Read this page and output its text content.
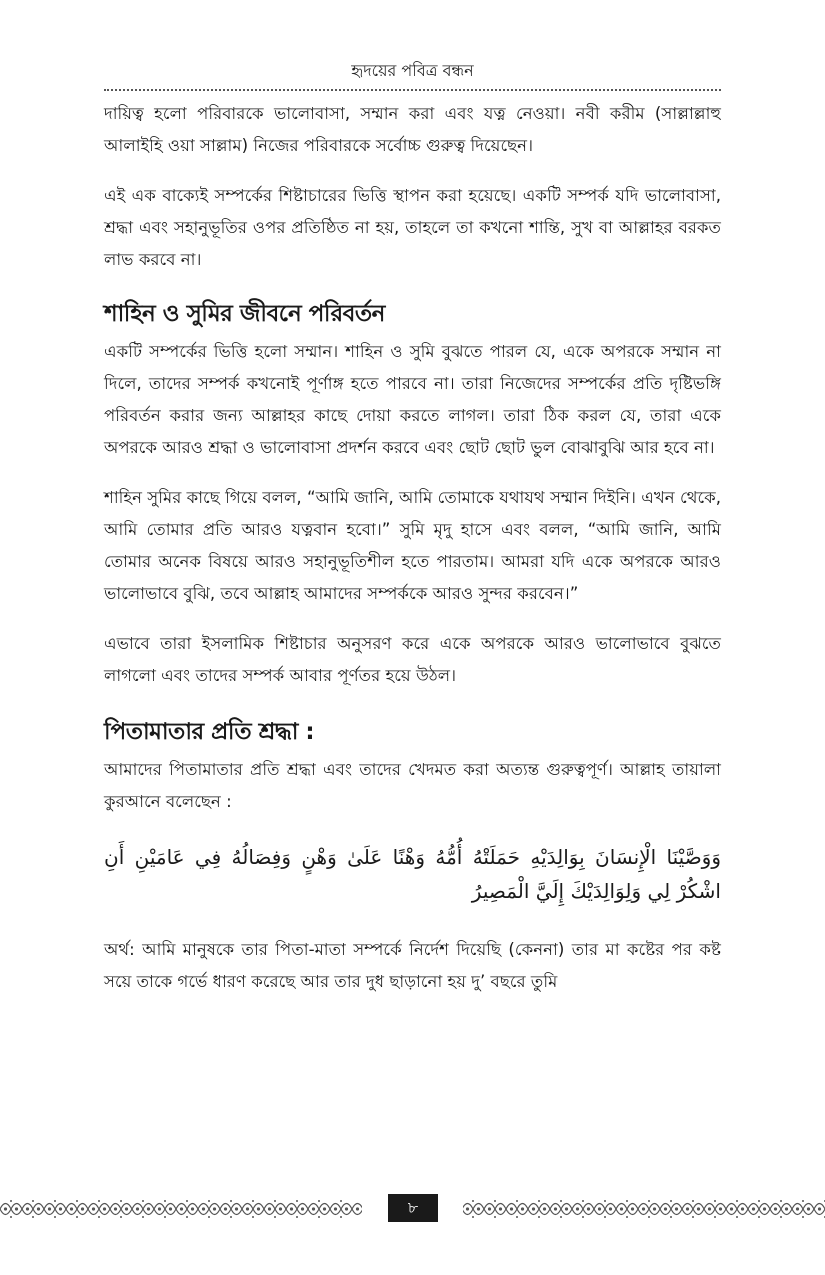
হৃদয়ের পবিত্র বন্ধন

দায়িত্ব হলো পরিবারকে ভালোবাসা, সম্মান করা এবং যত্ন নেওয়া। নবী করীম (সাল্লাল্লাহু আলাইহি ওয়া সাল্লাম) নিজের পরিবারকে সর্বোচ্চ গুরুত্ব দিয়েছেন।

এই এক বাক্যেই সম্পর্কের শিষ্টাচারের ভিত্তি স্থাপন করা হয়েছে। একটি সম্পর্ক যদি ভালোবাসা, শ্রদ্ধা এবং সহানুভূতির ওপর প্রতিষ্ঠিত না হয়, তাহলে তা কখনো শান্তি, সুখ বা আল্লাহর বরকত লাভ করবে না।

শাহিন ও সুমির জীবনে পরিবর্তন

একটি সম্পর্কের ভিত্তি হলো সম্মান। শাহিন ও সুমি বুঝতে পারল যে, একে অপরকে সম্মান না দিলে, তাদের সম্পর্ক কখনোই পূর্ণাঙ্গ হতে পারবে না। তারা নিজেদের সম্পর্কের প্রতি দৃষ্টিভঙ্গি পরিবর্তন করার জন্য আল্লাহর কাছে দোয়া করতে লাগল। তারা ঠিক করল যে, তারা একে অপরকে আরও শ্রদ্ধা ও ভালোবাসা প্রদর্শন করবে এবং ছোট ছোট ভুল বোঝাবুঝি আর হবে না।

শাহিন সুমির কাছে গিয়ে বলল, “আমি জানি, আমি তোমাকে যথাযথ সম্মান দিইনি। এখন থেকে, আমি তোমার প্রতি আরও যত্নবান হবো।” সুমি মৃদু হাসে এবং বলল, “আমি জানি, আমি তোমার অনেক বিষয়ে আরও সহানুভূতিশীল হতে পারতাম। আমরা যদি একে অপরকে আরও ভালোভাবে বুঝি, তবে আল্লাহ আমাদের সম্পর্ককে আরও সুন্দর করবেন।”

এভাবে তারা ইসলামিক শিষ্টাচার অনুসরণ করে একে অপরকে আরও ভালোভাবে বুঝতে লাগলো এবং তাদের সম্পর্ক আবার পূর্ণতর হয়ে উঠল।

পিতামাতার প্রতি শ্রদ্ধা :

আমাদের পিতামাতার প্রতি শ্রদ্ধা এবং তাদের খেদমত করা অত্যন্ত গুরুত্বপূর্ণ। আল্লাহ তায়ালা কুরআনে বলেছেন :

وَوَصَّيْنَا الْإِنسَانَ بِوَالِدَيْهِ حَمَلَتْهُ أُمُّهُ وَهْنًا عَلَىٰ وَهْنٍ وَفِصَالُهُ فِي عَامَيْنِ أَنِ اشْكُرْ لِي وَلِوَالِدَيْكَ إِلَيَّ الْمَصِيرُ

অর্থ: আমি মানুষকে তার পিতা-মাতা সম্পর্কে নির্দেশ দিয়েছি (কেননা) তার মা কষ্টের পর কষ্ট সয়ে তাকে গর্ভে ধারণ করেছে আর তার দুধ ছাড়ানো হয় দু’ বছরে তুমি

৮
